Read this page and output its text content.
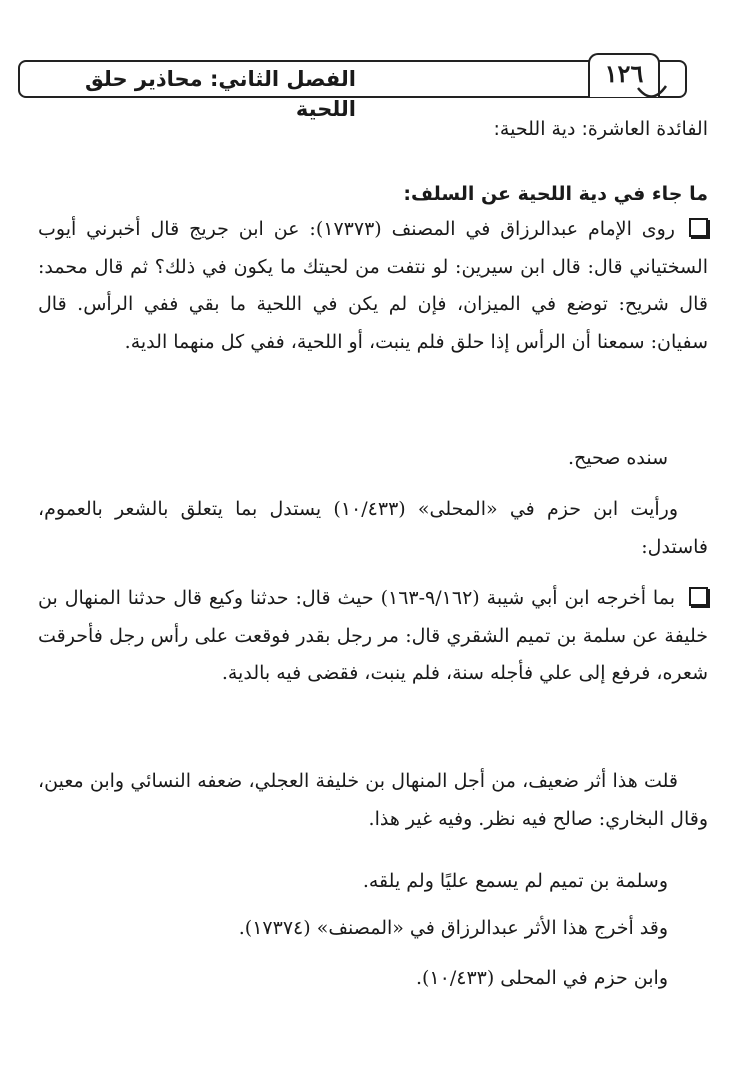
الفصل الثاني: محاذير حلق اللحية
١٢٦
الفائدة العاشرة: دية اللحية:
ما جاء في دية اللحية عن السلف:

روى الإمام عبدالرزاق في المصنف (١٧٣٧٣): عن ابن جريج قال أخبرني أيوب السختياني قال: قال ابن سيرين: لو نتفت من لحيتك ما يكون في ذلك؟ ثم قال محمد: قال شريح: توضع في الميزان، فإن لم يكن في اللحية ما بقي ففي الرأس. قال سفيان: سمعنا أن الرأس إذا حلق فلم ينبت، أو اللحية، ففي كل منهما الدية.

سنده صحيح.

ورأيت ابن حزم في «المحلى» (١٠/٤٣٣) يستدل بما يتعلق بالشعر بالعموم، فاستدل:

بما أخرجه ابن أبي شيبة (٩/١٦٢-١٦٣) حيث قال: حدثنا وكيع قال حدثنا المنهال بن خليفة عن سلمة بن تميم الشقري قال: مر رجل بقدر فوقعت على رأس رجل فأحرقت شعره، فرفع إلى علي فأجله سنة، فلم ينبت، فقضى فيه بالدية.

قلت هذا أثر ضعيف، من أجل المنهال بن خليفة العجلي، ضعفه النسائي وابن معين، وقال البخاري: صالح فيه نظر. وفيه غير هذا.

وسلمة بن تميم لم يسمع عليًا ولم يلقه.

وقد أخرج هذا الأثر عبدالرزاق في «المصنف» (١٧٣٧٤).

وابن حزم في المحلى (١٠/٤٣٣).
